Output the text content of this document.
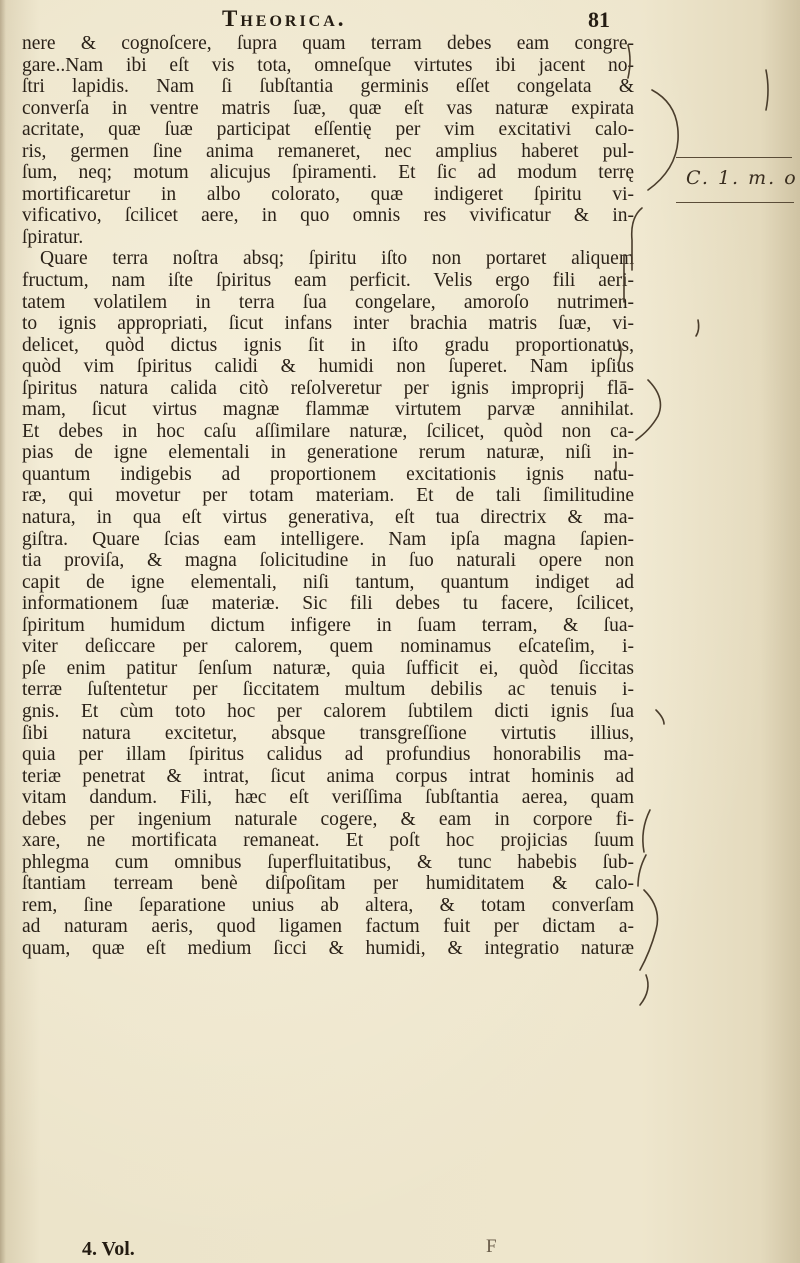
Theorica.	81
nere & cognoſcere, ſupra quam terram debes eam congre-
gare..Nam ibi eſt vis tota, omneſque virtutes ibi jacent no-
ſtri lapidis. Nam ſi ſubſtantia germinis eſſet congelata &
converſa in ventre matris ſuæ, quæ eſt vas naturæ expirata
acritate, quæ ſuæ participat eſſentię per vim excitativi calo-
ris, germen ſine anima remaneret, nec amplius haberet pul-
ſum, neq; motum alicujus ſpiramenti. Et ſic ad modum terrę
mortificaretur in albo colorato, quæ indigeret ſpiritu vi-
vificativo, ſcilicet aere, in quo omnis res vivificatur & in-
ſpiratur.
Quare terra noſtra absq; ſpiritu iſto non portaret aliquem
fructum, nam iſte ſpiritus eam perficit. Velis ergo fili aeri-
tatem volatilem in terra ſua congelare, amoroſo nutrimen-
to ignis appropriati, ſicut infans inter brachia matris ſuæ, vi-
delicet, quòd dictus ignis ſit in iſto gradu proportionatus,
quòd vim ſpiritus calidi & humidi non ſuperet. Nam ipſius
ſpiritus natura calida citò reſolveretur per ignis improprij flā-
mam, ſicut virtus magnæ flammæ virtutem parvæ annihilat.
Et debes in hoc caſu aſſimilare naturæ, ſcilicet, quòd non ca-
pias de igne elementali in generatione rerum naturæ, niſi in-
quantum indigebis ad proportionem excitationis ignis natu-
ræ, qui movetur per totam materiam. Et de tali ſimilitudine
natura, in qua eſt virtus generativa, eſt tua directrix & ma-
giſtra. Quare ſcias eam intelligere. Nam ipſa magna ſapien-
tia proviſa, & magna ſolicitudine in ſuo naturali opere non
capit de igne elementali, niſi tantum, quantum indiget ad
informationem ſuæ materiæ. Sic fili debes tu facere, ſcilicet,
ſpiritum humidum dictum infigere in ſuam terram, & ſua-
viter deſiccare per calorem, quem nominamus eſcateſim, i-
pſe enim patitur ſenſum naturæ, quia ſufficit ei, quòd ſiccitas
terræ ſuſtentetur per ſiccitatem multum debilis ac tenuis i-
gnis. Et cùm toto hoc per calorem ſubtilem dicti ignis ſua
ſibi natura excitetur, absque transgreſſione virtutis illius,
quia per illam ſpiritus calidus ad profundius honorabilis ma-
teriæ penetrat & intrat, ſicut anima corpus intrat hominis ad
vitam dandum. Fili, hæc eſt veriſſima ſubſtantia aerea, quam
debes per ingenium naturale cogere, & eam in corpore fi-
xare, ne mortificata remaneat. Et poſt hoc projicias ſuum
phlegma cum omnibus ſuperfluitatibus, & tunc habebis ſub-
ſtantiam terream benè diſpoſitam per humiditatem & calo-
rem, ſine ſeparatione unius ab altera, & totam converſam
ad naturam aeris, quod ligamen factum fuit per dictam a-
quam, quæ eſt medium ſicci & humidi, & integratio naturæ
C. 1. m. o
4. Vol.	F
